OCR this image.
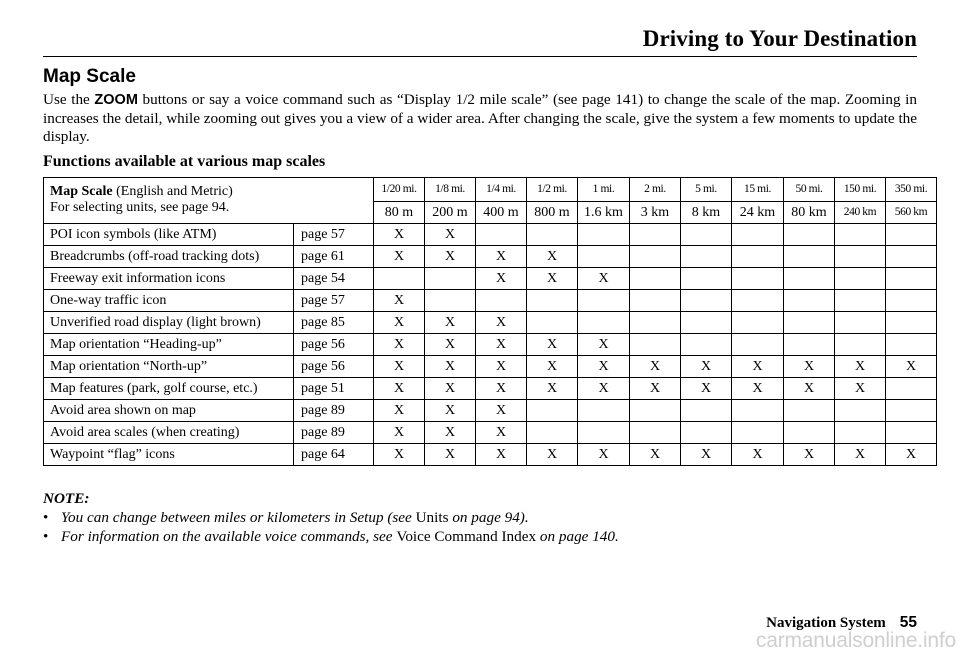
Driving to Your Destination
Map Scale

Use the ZOOM buttons or say a voice command such as “Display 1/2 mile scale” (see page 141) to change the scale of the map. Zooming in increases the detail, while zooming out gives you a view of a wider area. After changing the scale, give the system a few moments to update the display.

Functions available at various map scales
Map Scale (English and Metric)
For selecting units, see page 94.		1/20 mi.	1/8 mi.	1/4 mi.	1/2 mi.	1 mi.	2 mi.	5 mi.	15 mi.	50 mi.	150 mi.	350 mi.
		80 m	200 m	400 m	800 m	1.6 km	3 km	8 km	24 km	80 km	240 km	560 km
POI icon symbols (like ATM)	page 57	X	X									
Breadcrumbs (off-road tracking dots)	page 61	X	X	X	X							
Freeway exit information icons	page 54			X	X	X						
One-way traffic icon	page 57	X										
Unverified road display (light brown)	page 85	X	X	X								
Map orientation “Heading-up”	page 56	X	X	X	X	X						
Map orientation “North-up”	page 56	X	X	X	X	X	X	X	X	X	X	X
Map features (park, golf course, etc.)	page 51	X	X	X	X	X	X	X	X	X	X	
Avoid area shown on map	page 89	X	X	X								
Avoid area scales (when creating)	page 89	X	X	X								
Waypoint “flag” icons	page 64	X	X	X	X	X	X	X	X	X	X	X
NOTE:
• You can change between miles or kilometers in Setup (see Units on page 94).
• For information on the available voice commands, see Voice Command Index on page 140.
Navigation System 55
carmanualsonline.info
